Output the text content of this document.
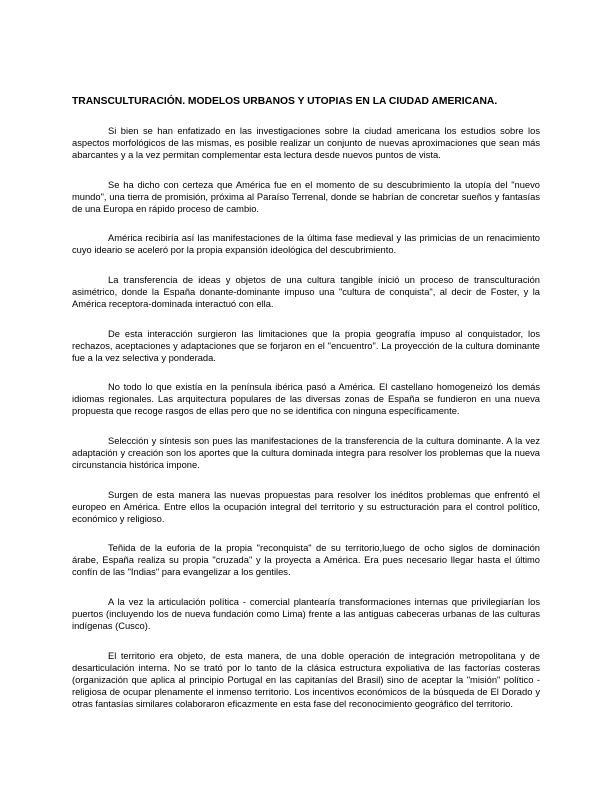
TRANSCULTURACIÓN. MODELOS URBANOS Y UTOPIAS EN LA CIUDAD AMERICANA.

Si bien se han enfatizado en las investigaciones sobre la ciudad americana los estudios sobre los aspectos morfológicos de las mismas, es posible realizar un conjunto de nuevas aproximaciones que sean más abarcantes y a la vez permitan complementar esta lectura desde nuevos puntos de vista.

Se ha dicho con certeza que América fue en el momento de su descubrimiento la utopía del "nuevo mundo", una tierra de promisión, próxima al Paraíso Terrenal, donde se habrían de concretar sueños y fantasías de una Europa en rápido proceso de cambio.

América recibiría así las manifestaciones de la última fase medieval y las primicias de un renacimiento cuyo ideario se aceleró por la propia expansión ideológica del descubrimiento.

La transferencia de ideas y objetos de una cultura tangible inició un proceso de transculturación asimétrico, donde la España donante-dominante impuso una "cultura de conquista", al decir de Foster, y la América receptora-dominada interactuó con ella.

De esta interacción surgieron las limitaciones que la propia geografía impuso al conquistador, los rechazos, aceptaciones y adaptaciones que se forjaron en el "encuentro". La proyección de la cultura dominante fue a la vez selectiva y ponderada.

No todo lo que existía en la península ibérica pasó a América. El castellano homogeneizó los demás idiomas regionales. Las arquitectura populares de las diversas zonas de España se fundieron en una nueva propuesta que recoge rasgos de ellas pero que no se identifica con ninguna específicamente.

Selección y síntesis son pues las manifestaciones de la transferencia de la cultura dominante. A la vez adaptación y creación son los aportes que la cultura dominada integra para resolver los problemas que la nueva circunstancia histórica impone.

Surgen de esta manera las nuevas propuestas para resolver los inéditos problemas que enfrentó el europeo en América. Entre ellos la ocupación integral del territorio y su estructuración para el control político, económico y religioso.

Teñida de la euforia de la propia "reconquista" de su territorio,luego de ocho siglos de dominación árabe, España realiza su propia "cruzada" y la proyecta a América. Era pues necesario llegar hasta el último confín de las "Indias" para evangelizar a los gentiles.

A la vez la articulación política - comercial plantearía transformaciones internas que privilegiarían los puertos (incluyendo los de nueva fundación como Lima) frente a las antiguas cabeceras urbanas de las culturas indígenas (Cusco).

El territorio era objeto, de esta manera, de una doble operación de integración metropolitana y de desarticulación interna. No se trató por lo tanto de la clásica estructura expoliativa de las factorías costeras (organización que aplica al principio Portugal en las capitanías del Brasil) sino de aceptar la "misión" político - religiosa de ocupar plenamente el inmenso territorio. Los incentivos económicos de la búsqueda de El Dorado y otras fantasías similares colaboraron eficazmente en esta fase del reconocimiento geográfico del territorio.
